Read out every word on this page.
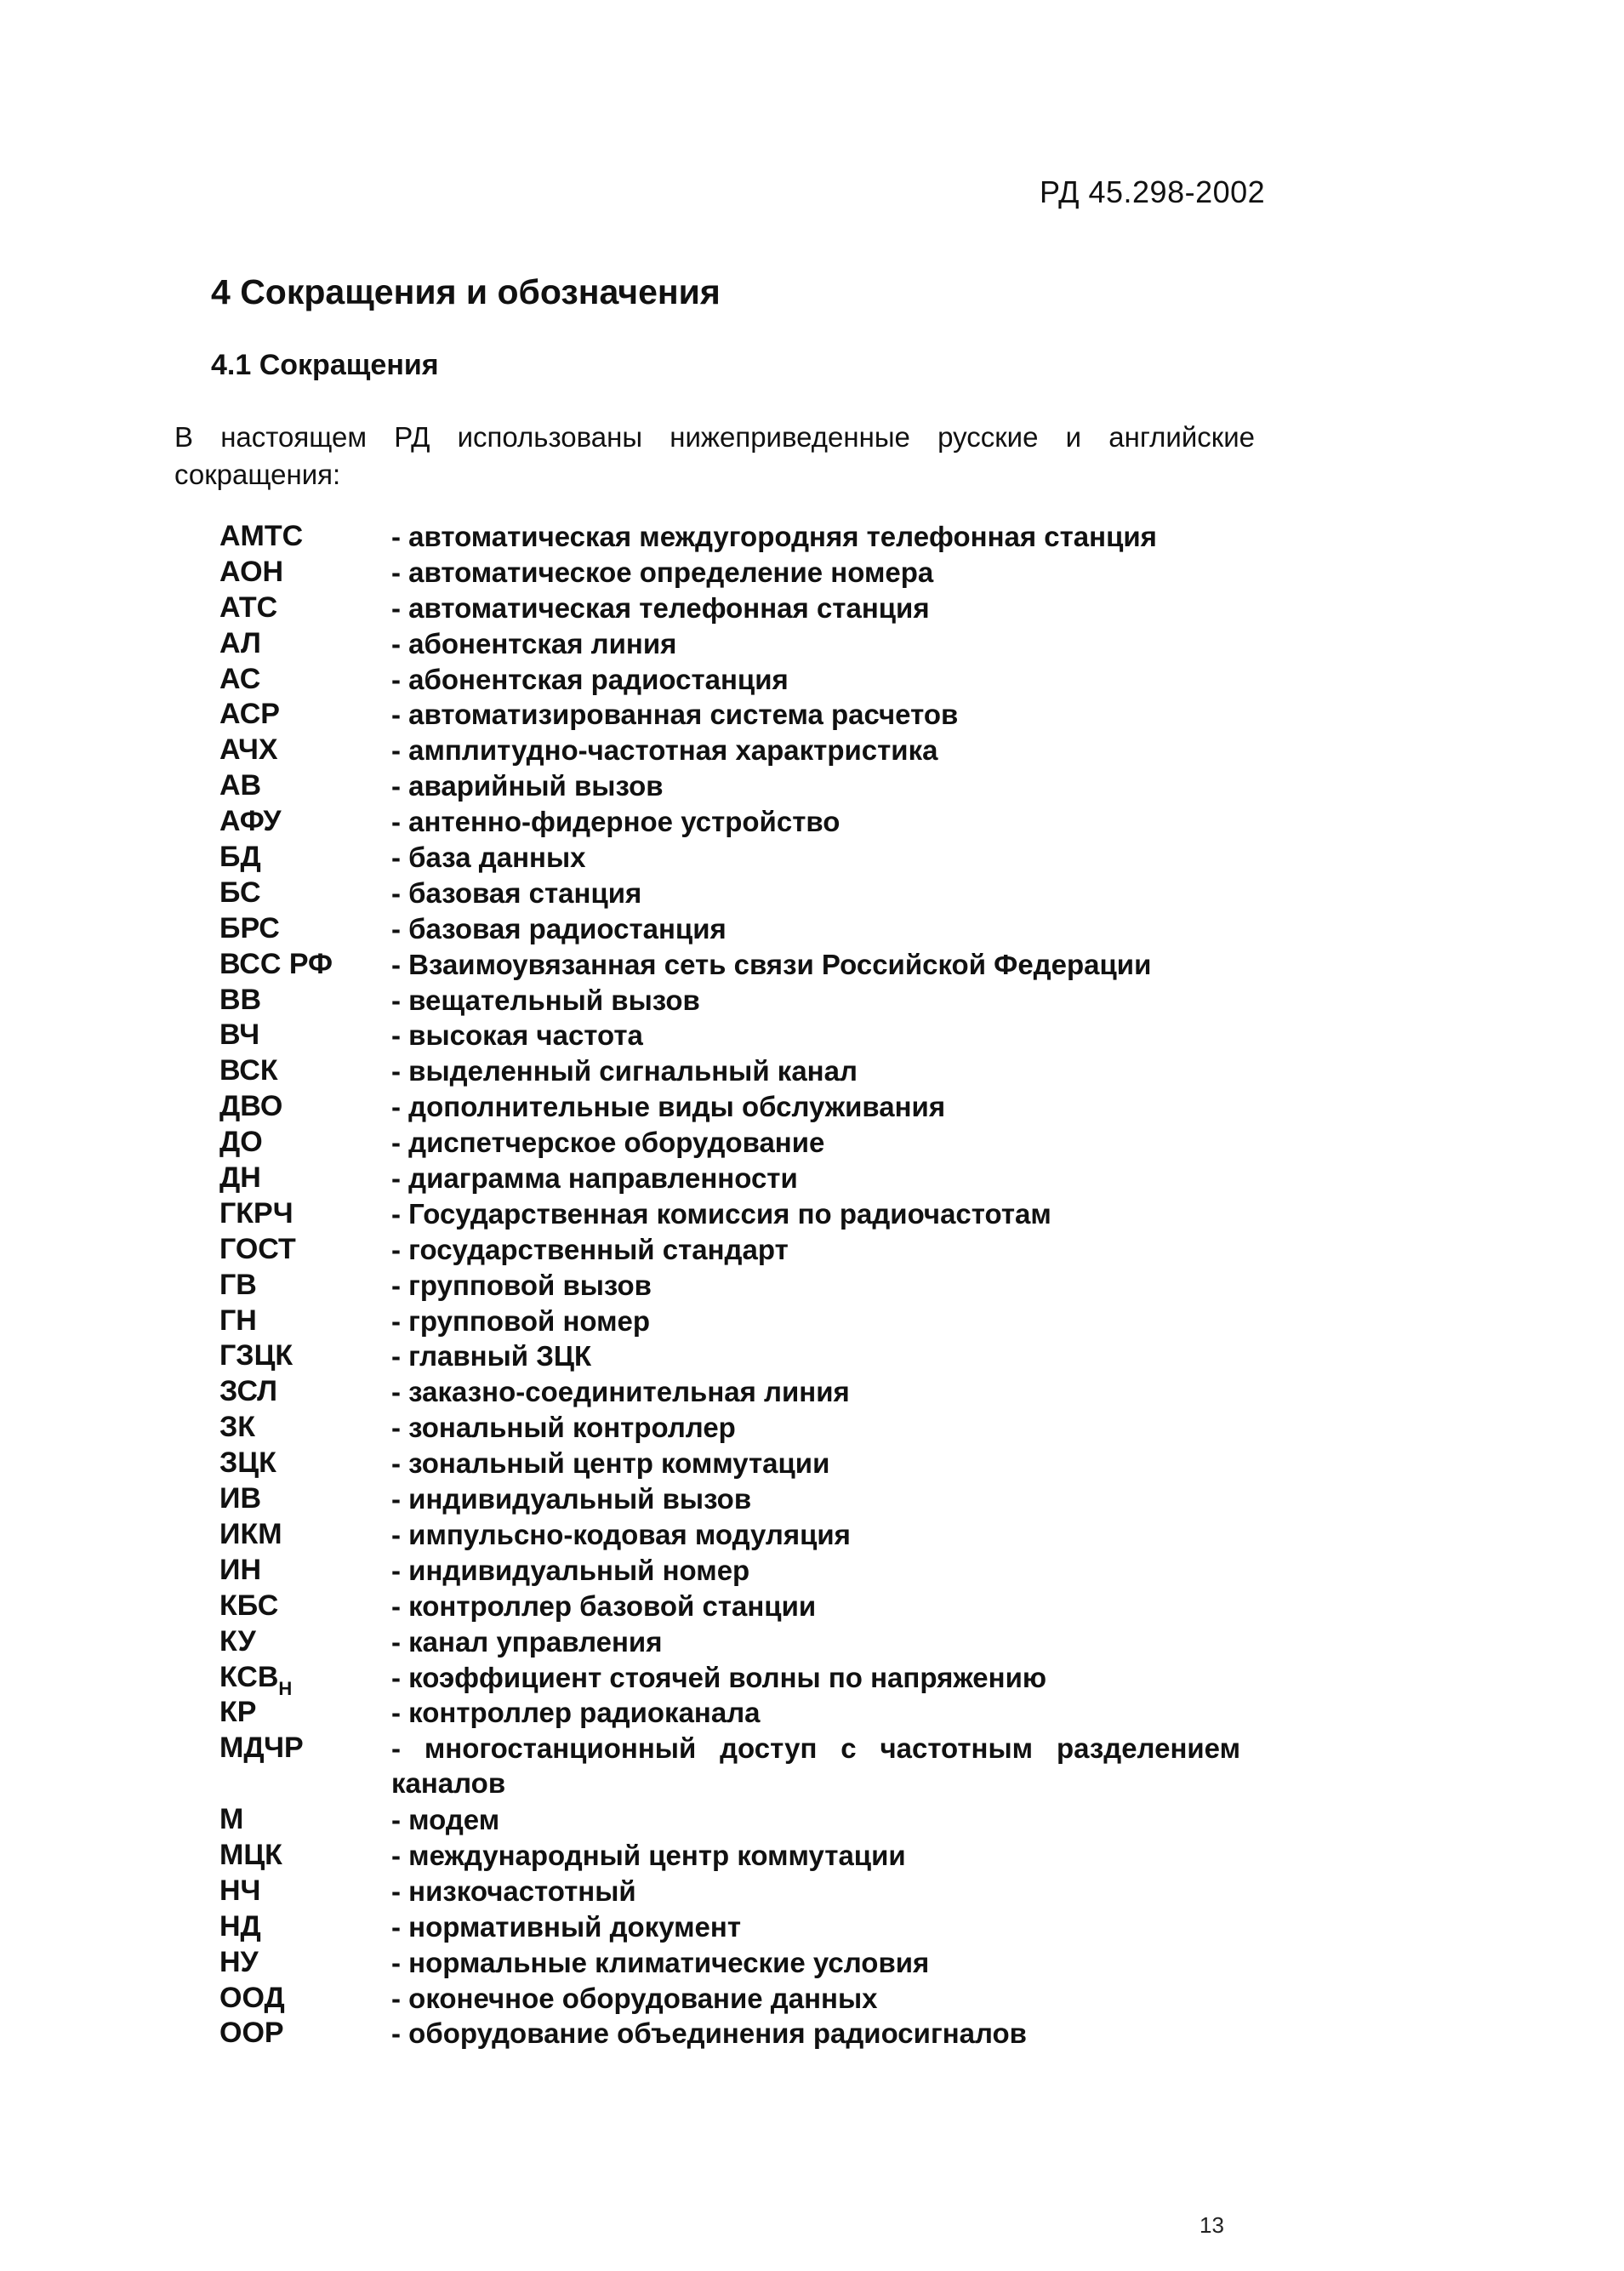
РД 45.298-2002
4 Сокращения и обозначения
4.1 Сокращения

В настоящем РД использованы нижеприведенные русские и английские сокращения:

АМТС	- автоматическая междугородняя телефонная станция
АОН	- автоматическое определение номера
АТС	- автоматическая телефонная станция
АЛ	- абонентская линия
АС	- абонентская радиостанция
АСР	- автоматизированная система расчетов
АЧХ	- амплитудно-частотная характристика
АВ	- аварийный вызов
АФУ	- антенно-фидерное устройство
БД	- база данных
БС	- базовая станция
БРС	- базовая радиостанция
ВСС РФ	- Взаимоувязанная сеть связи Российской Федерации
ВВ	- вещательный вызов
ВЧ	- высокая частота
ВСК	- выделенный сигнальный канал
ДВО	- дополнительные виды обслуживания
ДО	- диспетчерское оборудование
ДН	- диаграмма направленности
ГКРЧ	- Государственная комиссия по радиочастотам
ГОСТ	- государственный стандарт
ГВ	- групповой вызов
ГН	- групповой номер
ГЗЦК	- главный ЗЦК
ЗСЛ	- заказно-соединительная линия
ЗК	- зональный контроллер
ЗЦК	- зональный центр коммутации
ИВ	- индивидуальный вызов
ИКМ	- импульсно-кодовая модуляция
ИН	- индивидуальный номер
КБС	- контроллер базовой станции
КУ	- канал управления
$КСВ_Н$	- коэффициент стоячей волны по напряжению
КР	- контроллер радиоканала
МДЧР	- многостанционный доступ с частотным разделением
каналов
М	- модем
МЦК	- международный центр коммутации
НЧ	- низкочастотный
НД	- нормативный документ
НУ	- нормальные климатические условия
ООД	- оконечное оборудование данных
OOP	- оборудование объединения радиосигналов
13
